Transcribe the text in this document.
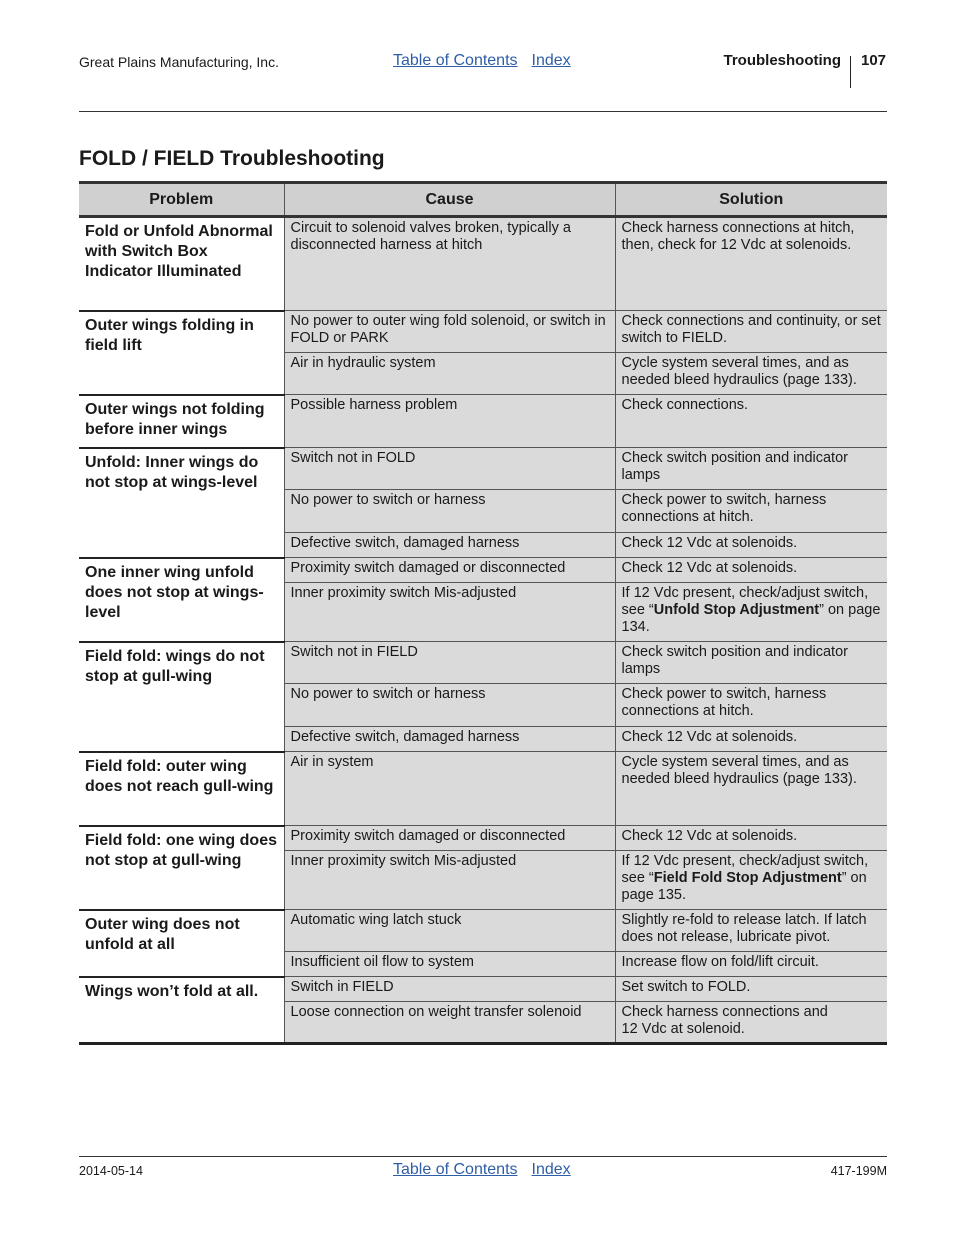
Great Plains Manufacturing, Inc.	Table of Contents Index	Troubleshooting 107
FOLD / FIELD Troubleshooting
Problem	Cause	Solution
Fold or Unfold Abnormal with Switch Box Indicator Illuminated	Circuit to solenoid valves broken, typically a disconnected harness at hitch	Check harness connections at hitch, then, check for 12 Vdc at solenoids.
Outer wings folding in field lift	No power to outer wing fold solenoid, or switch in FOLD or PARK	Check connections and continuity, or set switch to FIELD.
	Air in hydraulic system	Cycle system several times, and as needed bleed hydraulics (page 133).
Outer wings not folding before inner wings	Possible harness problem	Check connections.
Unfold: Inner wings do not stop at wings-level	Switch not in FOLD	Check switch position and indicator lamps
	No power to switch or harness	Check power to switch, harness connections at hitch.
	Defective switch, damaged harness	Check 12 Vdc at solenoids.
One inner wing unfold does not stop at wings-level	Proximity switch damaged or disconnected	Check 12 Vdc at solenoids.
	Inner proximity switch Mis-adjusted	If 12 Vdc present, check/adjust switch, see “Unfold Stop Adjustment” on page 134.
Field fold: wings do not stop at gull-wing	Switch not in FIELD	Check switch position and indicator lamps
	No power to switch or harness	Check power to switch, harness connections at hitch.
	Defective switch, damaged harness	Check 12 Vdc at solenoids.
Field fold: outer wing does not reach gull-wing	Air in system	Cycle system several times, and as needed bleed hydraulics (page 133).
Field fold: one wing does not stop at gull-wing	Proximity switch damaged or disconnected	Check 12 Vdc at solenoids.
	Inner proximity switch Mis-adjusted	If 12 Vdc present, check/adjust switch, see “Field Fold Stop Adjustment” on page 135.
Outer wing does not unfold at all	Automatic wing latch stuck	Slightly re-fold to release latch. If latch does not release, lubricate pivot.
	Insufficient oil flow to system	Increase flow on fold/lift circuit.
Wings won’t fold at all.	Switch in FIELD	Set switch to FOLD.
	Loose connection on weight transfer solenoid	Check harness connections and
12 Vdc at solenoid.
2014-05-14	Table of Contents Index	417-199M
